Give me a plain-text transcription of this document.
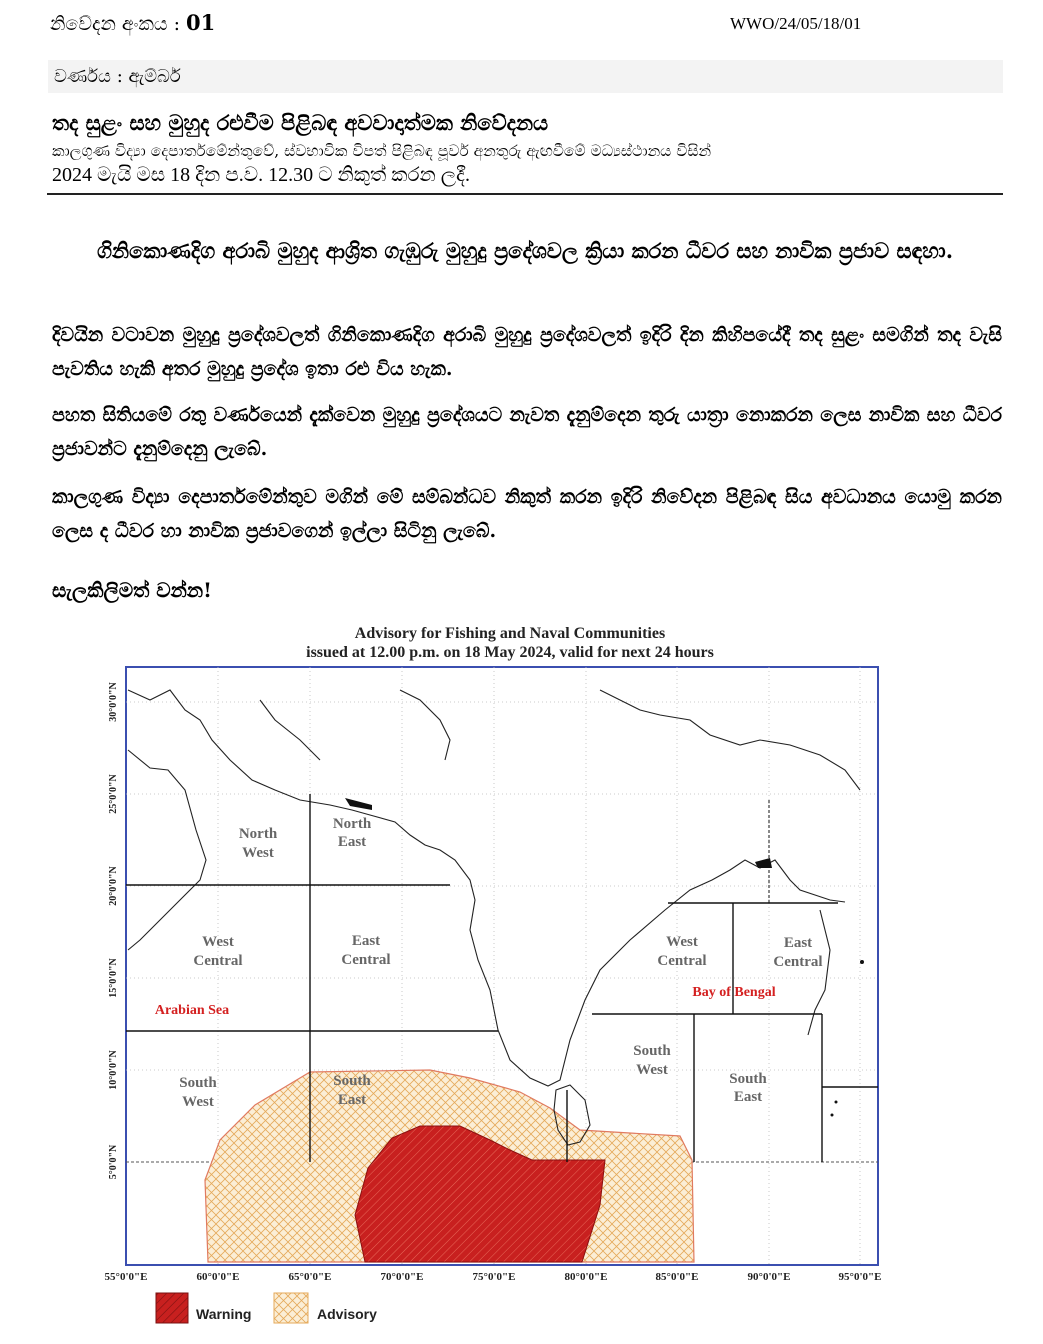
නිවේදන අංකය : 01	WWO/24/05/18/01
වර්ණය : ඇම්බර්
තද සුළං සහ මුහුද රළුවීම පිළිබඳ අවවාදාත්මක නිවේදනය
කාලගුණ විද්‍යා දෙපාර්තමේන්තුවේ, ස්වභාවික විපත් පිළිබඳ පූර්ව අනතුරු ඇඟවීමේ මධ්‍යස්ථානය විසින්
2024 මැයි මස 18 දින ප.ව. 12.30 ට නිකුත් කරන ලදී.
ගිනිකොණදිග අරාබි මුහුද ආශ්‍රිත ගැඹුරු මුහුදු ප්‍රදේශවල ක්‍රියා කරන ධීවර සහ නාවික ප්‍රජාව සඳහා.
දිවයින වටාවන මුහුදු ප්‍රදේශවලත් ගිනිකොණදිග අරාබි මුහුදු ප්‍රදේශවලත් ඉදිරි දින කිහිපයේදී තද සුළං සමගින් තද වැසි පැවතිය හැකි අතර මුහුදු ප්‍රදේශ ඉතා රළු විය හැක.
පහත සිතියමේ රතු වර්ණයෙන් දැක්වෙන මුහුදු ප්‍රදේශයට නැවත දැනුම්දෙන තුරු යාත්‍රා නොකරන ලෙස නාවික සහ ධීවර ප්‍රජාවන්ට දැනුම්දෙනු ලැබේ.
කාලගුණ විද්‍යා දෙපාර්තමේන්තුව මගින් මේ සම්බන්ධව නිකුත් කරන ඉදිරි නිවේදන පිළිබඳ සිය අවධානය යොමු කරන ලෙස ද ධීවර හා නාවික ප්‍රජාවගෙන් ඉල්ලා සිටිනු ලැබේ.
සැලකිලිමත් වන්න!
Advisory for Fishing and Naval Communities
issued at 12.00 p.m. on 18 May 2024, valid for next 24 hours
North
West
North
East
West
Central
East
Central
South
West
South
East
West
Central
East
Central
South
West
South
East
Arabian Sea
Bay of Bengal
55°0'0"E	60°0'0"E	65°0'0"E	70°0'0"E	75°0'0"E	80°0'0"E	85°0'0"E	90°0'0"E	95°0'0"E
30°0'0"N
25°0'0"N
20°0'0"N
15°0'0"N
10°0'0"N
5°0'0"N
Warning	Advisory
